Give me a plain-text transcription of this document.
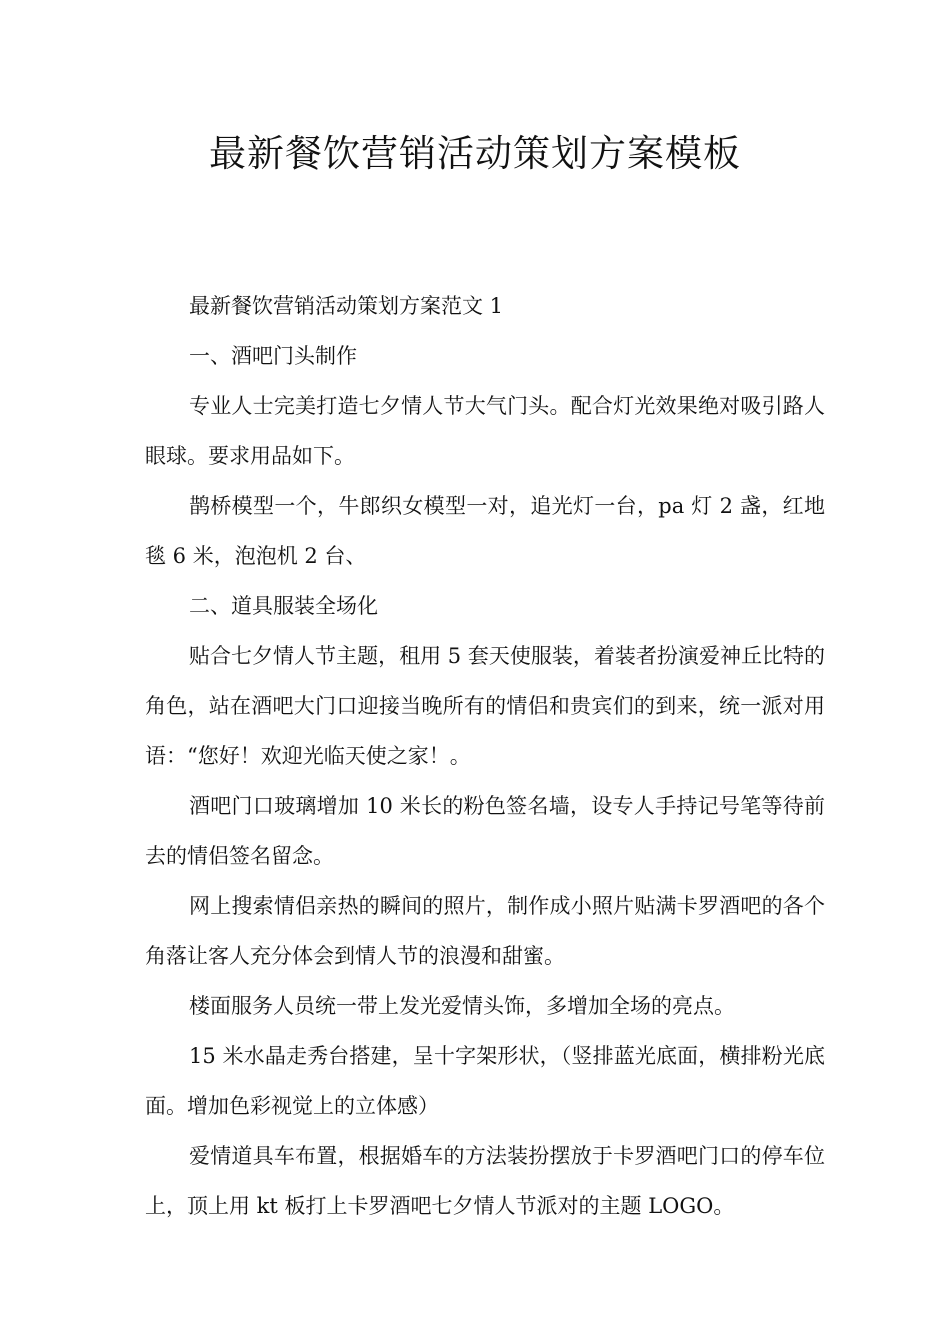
最新餐饮营销活动策划方案模板

最新餐饮营销活动策划方案范文 1

一、酒吧门头制作

专业人士完美打造七夕情人节大气门头。配合灯光效果绝对吸引路人眼球。要求用品如下。

鹊桥模型一个，牛郎织女模型一对，追光灯一台，pa 灯 2 盏，红地毯 6 米，泡泡机 2 台、

二、道具服装全场化

贴合七夕情人节主题，租用 5 套天使服装，着装者扮演爱神丘比特的角色，站在酒吧大门口迎接当晚所有的情侣和贵宾们的到来，统一派对用语：“您好！欢迎光临天使之家！。

酒吧门口玻璃增加 10 米长的粉色签名墙，设专人手持记号笔等待前去的情侣签名留念。

网上搜索情侣亲热的瞬间的照片，制作成小照片贴满卡罗酒吧的各个角落让客人充分体会到情人节的浪漫和甜蜜。

楼面服务人员统一带上发光爱情头饰，多增加全场的亮点。

15 米水晶走秀台搭建，呈十字架形状，（竖排蓝光底面，横排粉光底面。增加色彩视觉上的立体感）

爱情道具车布置，根据婚车的方法装扮摆放于卡罗酒吧门口的停车位上，顶上用 kt 板打上卡罗酒吧七夕情人节派对的主题 LOGO。
